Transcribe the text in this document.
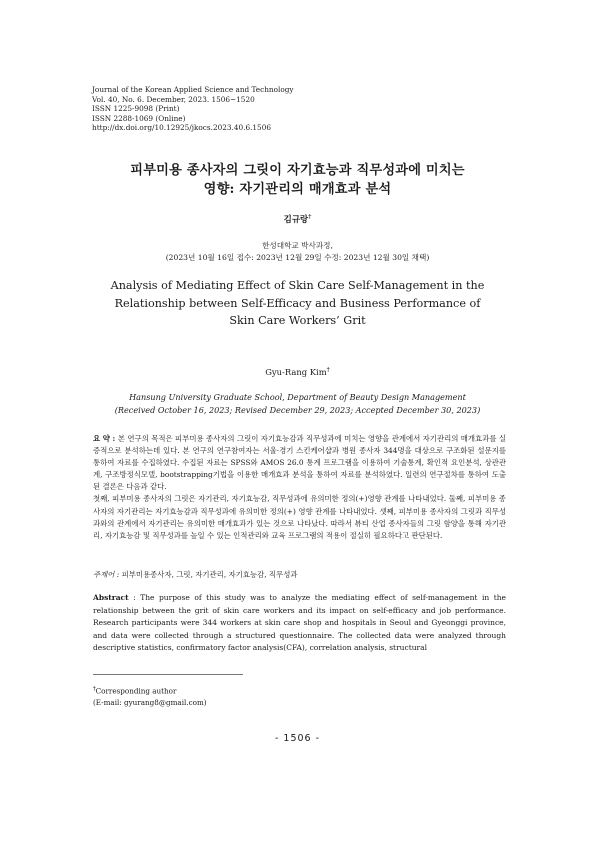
Journal of the Korean Applied Science and Technology
Vol. 40, No. 6. December, 2023. 1506~1520
ISSN 1225-9098 (Print)
ISSN 2288-1069 (Online)
http://dx.doi.org/10.12925/jkocs.2023.40.6.1506
피부미용 종사자의 그릿이 자기효능과 직무성과에 미치는
영향: 자기관리의 매개효과 분석
김규랑†
한성대학교 박사과정,
(2023년 10월 16일 접수: 2023년 12월 29일 수정: 2023년 12월 30일 채택)
Analysis of Mediating Effect of Skin Care Self-Management in the
Relationship between Self-Efficacy and Business Performance of
Skin Care Workers’ Grit
Gyu-Rang Kim†
Hansung University Graduate School, Department of Beauty Design Management
(Received October 16, 2023; Revised December 29, 2023; Accepted December 30, 2023)

요 약 : 본 연구의 목적은 피부미용 종사자의 그릿이 자기효능감과 직무성과에 미치는 영향을 관계에서 자기관리의 매개효과를 실증적으로 분석하는데 있다. 본 연구의 연구참여자는 서울·경기 스킨케어샵과 병원 종사자 344명을 대상으로 구조화된 설문지를 통하여 자료를 수집하였다. 수집된 자료는 SPSS와 AMOS 26.0 통계 프로그램을 이용하여 기술통계, 확인적 요인분석, 상관관계, 구조방정식모델, bootstrapping기법을 이용한 매개효과 분석을 통하여 자료를 분석하였다. 일련의 연구절차를 통하여 도출된 결론은 다음과 같다.

첫째, 피부미용 종사자의 그릿은 자기관리, 자기효능감, 직무성과에 유의미한 정의(+)영향 관계를 나타내었다. 둘째, 피부미용 종사자의 자기관리는 자기효능감과 직무성과에 유의미한 정의(+) 영향 관계를 나타내었다. 셋째, 피부미용 종사자의 그릿과 직무성과와의 관계에서 자기관리는 유의미한 매개효과가 있는 것으로 나타났다. 따라서 뷰티 산업 종사자들의 그릿 함양을 통해 자기관리, 자기효능감 및 직무성과를 높일 수 있는 인적관리와 교육 프로그램의 적용이 절실히 필요하다고 판단된다.

주제어 : 피부미용종사자, 그릿, 자기관리, 자기효능감, 직무성과
Abstract : The purpose of this study was to analyze the mediating effect of self-management in the relationship between the grit of skin care workers and its impact on self-efficacy and job performance. Research participants were 344 workers at skin care shop and hospitals in Seoul and Gyeonggi province, and data were collected through a structured questionnaire. The collected data were analyzed through descriptive statistics, confirmatory factor analysis(CFA), correlation analysis, structural
†Corresponding author
(E-mail: gyurang8@gmail.com)
- 1506 -
